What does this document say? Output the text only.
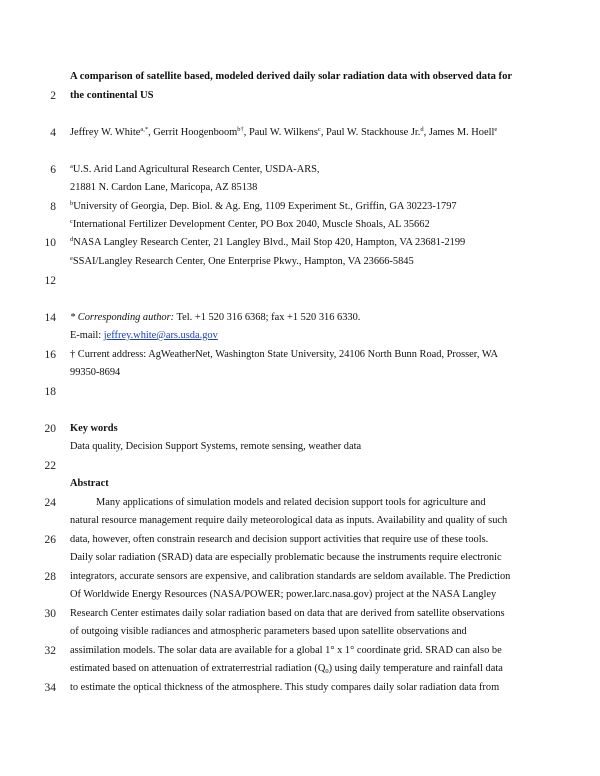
2
4
6
8
10
12
14
16
18
20
22
24
26
28
30
32
34
A comparison of satellite based, modeled derived daily solar radiation data with observed data for
the continental US
Jeffrey W. White$^{a,*}$, Gerrit Hoogenboom$^{b\dagger}$, Paul W. Wilkens$^c$, Paul W. Stackhouse Jr.$^d$, James M. Hoell$^e$
$^a$U.S. Arid Land Agricultural Research Center, USDA-ARS,
21881 N. Cardon Lane, Maricopa, AZ 85138
$^b$University of Georgia, Dep. Biol. & Ag. Eng, 1109 Experiment St., Griffin, GA 30223-1797
$^c$International Fertilizer Development Center, PO Box 2040, Muscle Shoals, AL 35662
$^d$NASA Langley Research Center, 21 Langley Blvd., Mail Stop 420, Hampton, VA 23681-2199
$^e$SSAI/Langley Research Center, One Enterprise Pkwy., Hampton, VA 23666-5845
* Corresponding author: Tel. +1 520 316 6368; fax +1 520 316 6330.
E-mail: jeffrey.white@ars.usda.gov
† Current address: AgWeatherNet, Washington State University, 24106 North Bunn Road, Prosser, WA
99350-8694
Key words
Data quality, Decision Support Systems, remote sensing, weather data
Abstract
Many applications of simulation models and related decision support tools for agriculture and
natural resource management require daily meteorological data as inputs. Availability and quality of such
data, however, often constrain research and decision support activities that require use of these tools.
Daily solar radiation (SRAD) data are especially problematic because the instruments require electronic
integrators, accurate sensors are expensive, and calibration standards are seldom available. The Prediction
Of Worldwide Energy Resources (NASA/POWER; power.larc.nasa.gov) project at the NASA Langley
Research Center estimates daily solar radiation based on data that are derived from satellite observations
of outgoing visible radiances and atmospheric parameters based upon satellite observations and
assimilation models. The solar data are available for a global 1° x 1° coordinate grid. SRAD can also be
estimated based on attenuation of extraterrestrial radiation $(Q_0)$ using daily temperature and rainfall data
to estimate the optical thickness of the atmosphere. This study compares daily solar radiation data from
